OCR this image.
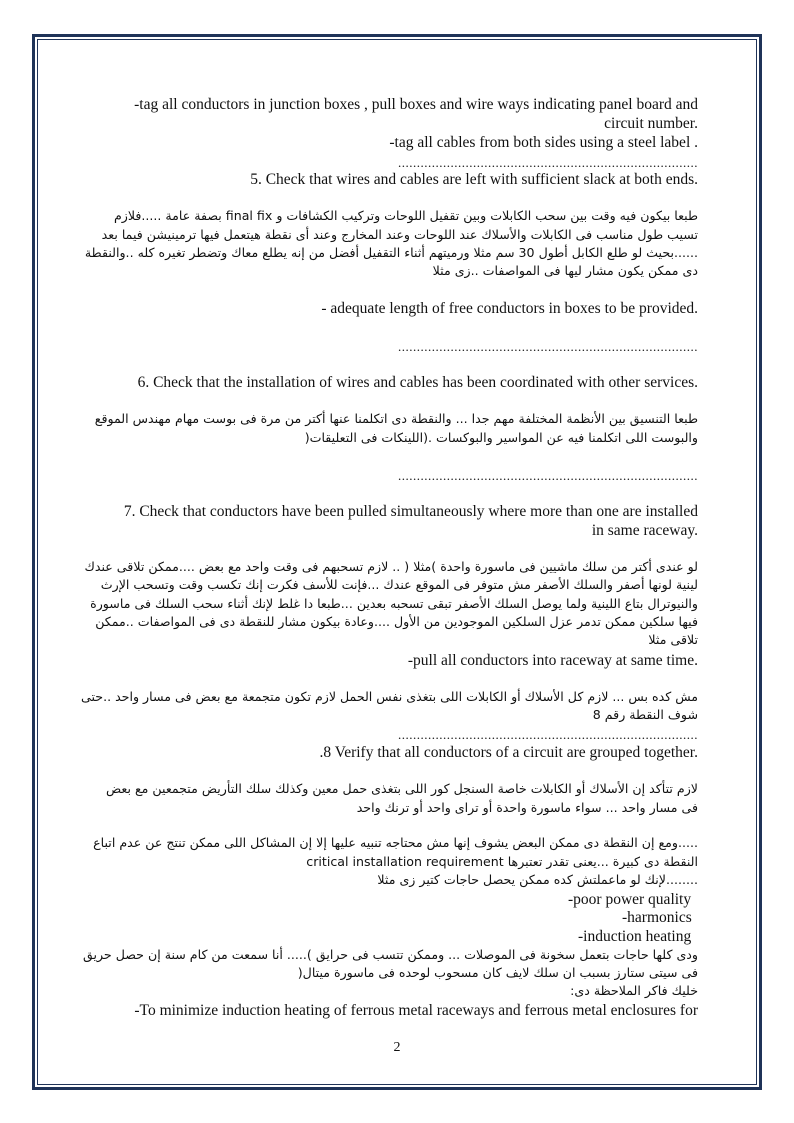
-tag all conductors in junction boxes , pull boxes and wire ways indicating panel board and
circuit number.
-tag all cables from both sides using a steel label .
................................................................................
5. Check that wires and cables are left with sufficient slack at both ends.
طبعا بيكون فيه وقت بين سحب الكابلات وبين تقفيل اللوحات وتركيب الكشافات و final fix بصفة عامة .....فلازم
تسيب طول مناسب فى الكابلات والأسلاك عند اللوحات وعند المخارج وعند أى نقطة هيتعمل فيها ترمينيشن فيما بعد
......بحيث لو طلع الكابل أطول 30 سم مثلا ورميتهم أثناء التقفيل أفضل من إنه يطلع معاك وتضطر تغيره كله ..والنقطة
دى ممكن يكون مشار ليها فى المواصفات ..زى مثلا
- adequate length of free conductors in boxes to be provided.
................................................................................
6. Check that the installation of wires and cables has been coordinated with other services.
طبعا التنسيق بين الأنظمة المختلفة مهم جدا ... والنقطة دى اتكلمنا عنها أكتر من مرة فى بوست مهام مهندس الموقع
والبوست اللى اتكلمنا فيه عن المواسير والبوكسات .(اللينكات فى التعليقات(
................................................................................
7. Check that conductors have been pulled simultaneously where more than one are installed
in same raceway.
لو عندى أكتر من سلك ماشيين فى ماسورة واحدة )مثلا ( .. لازم تسحبهم فى وقت واحد مع بعض ....ممكن تلاقى عندك
لينية لونها أصفر والسلك الأصفر مش متوفر فى الموقع عندك ...فإنت للأسف فكرت إنك تكسب وقت وتسحب الإرث
والنيوترال بتاع اللينية ولما يوصل السلك الأصفر تبقى تسحبه بعدين ...طبعا دا غلط لإنك أثناء سحب السلك فى ماسورة
فيها سلكين ممكن تدمر عزل السلكين الموجودين من الأول ....وعادة بيكون مشار للنقطة دى فى المواصفات ..ممكن
تلاقى مثلا
-pull all conductors into raceway at same time.
مش كده بس ... لازم كل الأسلاك أو الكابلات اللى بتغذى نفس الحمل لازم تكون متجمعة مع بعض فى مسار واحد ..حتى
شوف النقطة رقم 8
................................................................................
.8 Verify that all conductors of a circuit are grouped together.
لازم تتأكد إن الأسلاك أو الكابلات خاصة السنجل كور اللى بتغذى حمل معين وكذلك سلك التأريض متجمعين مع بعض
فى مسار واحد ... سواء ماسورة واحدة أو تراى واحد أو ترنك واحد
.....ومع إن النقطة دى ممكن البعض يشوف إنها مش محتاجه تنبيه عليها إلا إن المشاكل اللى ممكن تنتج عن عدم اتباع
النقطة دى كبيرة ...يعنى تقدر تعتبرها critical installation requirement
........لإنك لو ماعملتش كده ممكن يحصل حاجات كتير زى مثلا
-poor power quality
-harmonics
-induction heating
ودى كلها حاجات بتعمل سخونة فى الموصلات ... وممكن تتسب فى حرايق )..... أنا سمعت من كام سنة إن حصل حريق
فى سيتى ستارز بسبب ان سلك لايف كان مسحوب لوحده فى ماسورة ميتال(
خليك فاكر الملاحظة دى:
-To minimize induction heating of ferrous metal raceways and ferrous metal enclosures for
2
